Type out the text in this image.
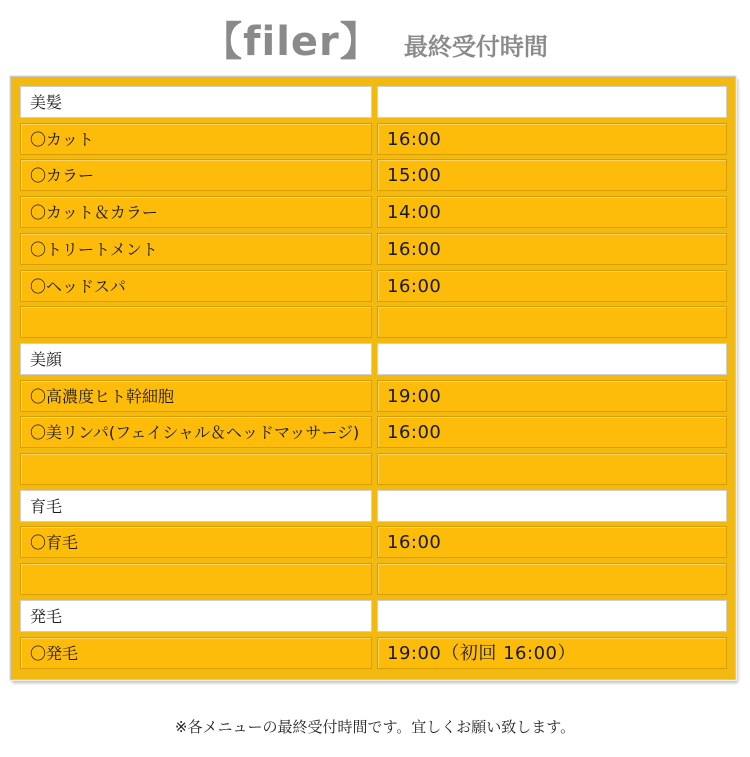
【filer】 最終受付時間
美髪
〇カット	16:00
〇カラー	15:00
〇カット＆カラー	14:00
〇トリートメント	16:00
〇ヘッドスパ	16:00
美顔
〇高濃度ヒト幹細胞	19:00
〇美リンパ(フェイシャル＆ヘッドマッサージ)	16:00
育毛
〇育毛	16:00
発毛
〇発毛	19:00（初回 16:00）
※各メニューの最終受付時間です。宜しくお願い致します。
